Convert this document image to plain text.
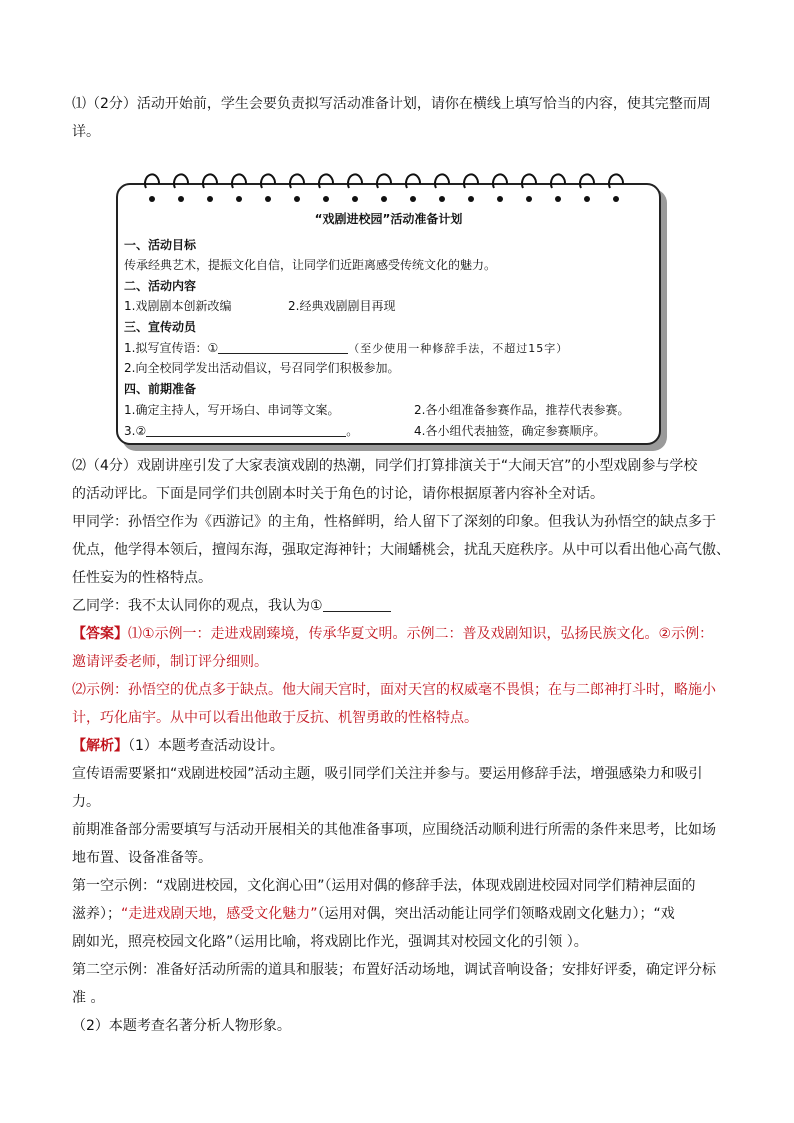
⑴（2分）活动开始前，学生会要负责拟写活动准备计划，请你在横线上填写恰当的内容，使其完整而周
详。
“戏剧进校园”活动准备计划
一、活动目标
传承经典艺术，提振文化自信，让同学们近距离感受传统文化的魅力。
二、活动内容
1.戏剧剧本创新改编	2.经典戏剧剧目再现
三、宣传动员
1.拟写宣传语：①	（至少使用一种修辞手法，不超过15字）
2.向全校同学发出活动倡议，号召同学们积极参加。
四、前期准备
1.确定主持人，写开场白、串词等文案。	2.各小组准备参赛作品，推荐代表参赛。
3.②	。	4.各小组代表抽签，确定参赛顺序。
⑵（4分）戏剧讲座引发了大家表演戏剧的热潮，同学们打算排演关于“大闹天宫”的小型戏剧参与学校
的活动评比。下面是同学们共创剧本时关于角色的讨论，请你根据原著内容补全对话。
甲同学：孙悟空作为《西游记》的主角，性格鲜明，给人留下了深刻的印象。但我认为孙悟空的缺点多于
优点，他学得本领后，擅闯东海，强取定海神针；大闹蟠桃会，扰乱天庭秩序。从中可以看出他心高气傲、
任性妄为的性格特点。
乙同学：我不太认同你的观点，我认为①
【答案】⑴①示例一：走进戏剧臻境，传承华夏文明。示例二：普及戏剧知识，弘扬民族文化。②示例：
邀请评委老师，制订评分细则。
⑵示例：孙悟空的优点多于缺点。他大闹天宫时，面对天宫的权威毫不畏惧；在与二郎神打斗时，略施小
计，巧化庙宇。从中可以看出他敢于反抗、机智勇敢的性格特点。
【解析】（1）本题考查活动设计。
宣传语需要紧扣“戏剧进校园”活动主题，吸引同学们关注并参与。要运用修辞手法，增强感染力和吸引
力。
前期准备部分需要填写与活动开展相关的其他准备事项，应围绕活动顺利进行所需的条件来思考，比如场
地布置、设备准备等。
第一空示例：“戏剧进校园，文化润心田”（运用对偶的修辞手法，体现戏剧进校园对同学们精神层面的
滋养）；“走进戏剧天地，感受文化魅力”（运用对偶，突出活动能让同学们领略戏剧文化魅力）；“戏
剧如光，照亮校园文化路”（运用比喻，将戏剧比作光，强调其对校园文化的引领 ）。
第二空示例：准备好活动所需的道具和服装；布置好活动场地，调试音响设备；安排好评委，确定评分标
准 。
（2）本题考查名著分析人物形象。
